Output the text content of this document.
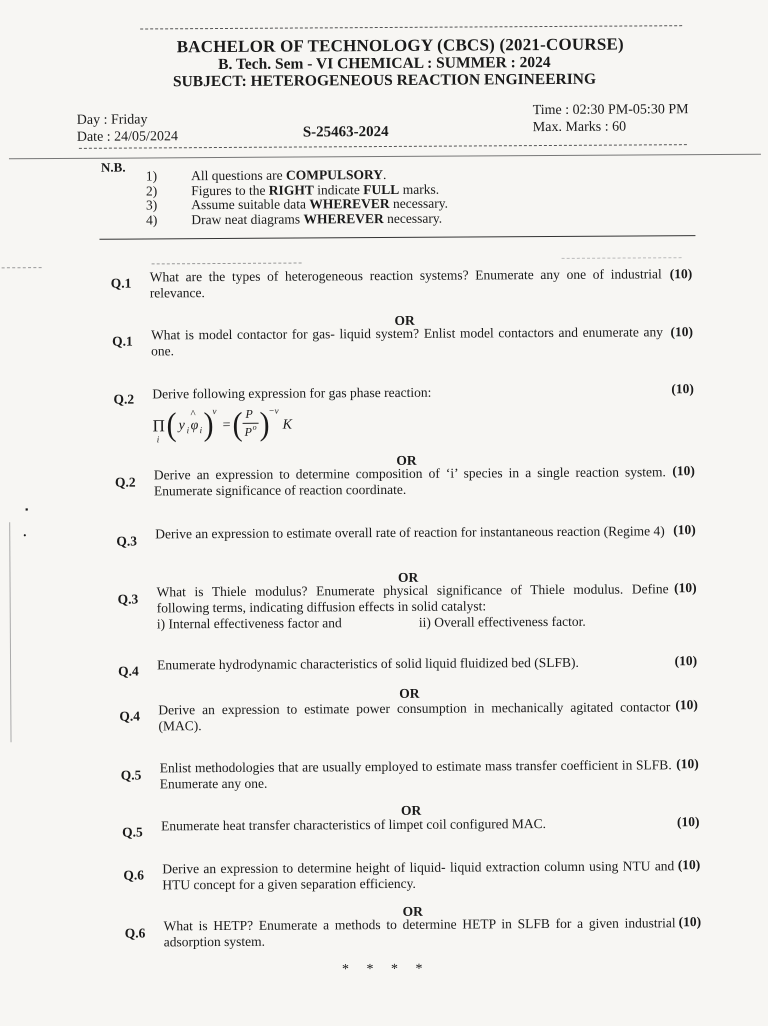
BACHELOR OF TECHNOLOGY (CBCS) (2021-COURSE)
B. Tech. Sem - VI CHEMICAL : SUMMER : 2024
SUBJECT: HETEROGENEOUS REACTION ENGINEERING
Day : Friday
Date : 24/05/2024	S-25463-2024
Time : 02:30 PM-05:30 PM
Max. Marks : 60
N.B.
1)	All questions are COMPULSORY.
2)	Figures to the RIGHT indicate FULL marks.
3)	Assume suitable data WHEREVER necessary.
4)	Draw neat diagrams WHEREVER necessary.
▪
•
Q.1 What are the types of heterogeneous reaction systems? Enumerate any one of industrial relevance.
(10)
OR
Q.1 What is model contactor for gas- liquid system? Enlist model contactors and enumerate any one.
(10)
Q.2 Derive following expression for gas phase reaction:	(10)
OR
Q.2 Derive an expression to determine composition of ‘i’ species in a single reaction system. Enumerate significance of reaction coordinate.
(10)
Q.3 Derive an expression to estimate overall rate of reaction for instantaneous reaction (Regime 4) (10)
OR
Q.3 What is Thiele modulus? Enumerate physical significance of Thiele modulus. Define following terms, indicating diffusion effects in solid catalyst:
i) Internal effectiveness factor and	ii) Overall effectiveness factor.
(10)
Q.4 Enumerate hydrodynamic characteristics of solid liquid fluidized bed (SLFB).	(10)
OR
Q.4 Derive an expression to estimate power consumption in mechanically agitated contactor (MAC).
(10)
Q.5 Enlist methodologies that are usually employed to estimate mass transfer coefficient in SLFB. Enumerate any one.
(10)
OR
Q.5 Enumerate heat transfer characteristics of limpet coil configured MAC.	(10)
Q.6 Derive an expression to determine height of liquid- liquid extraction column using NTU and HTU concept for a given separation efficiency.
(10)
OR
Q.6 What is HETP? Enumerate a methods to determine HETP in SLFB for a given industrial adsorption system.
(10)
Π
i ( y i
^
φ i )
ν
= ( P
P o )
−ν
K
*     *     *     *
